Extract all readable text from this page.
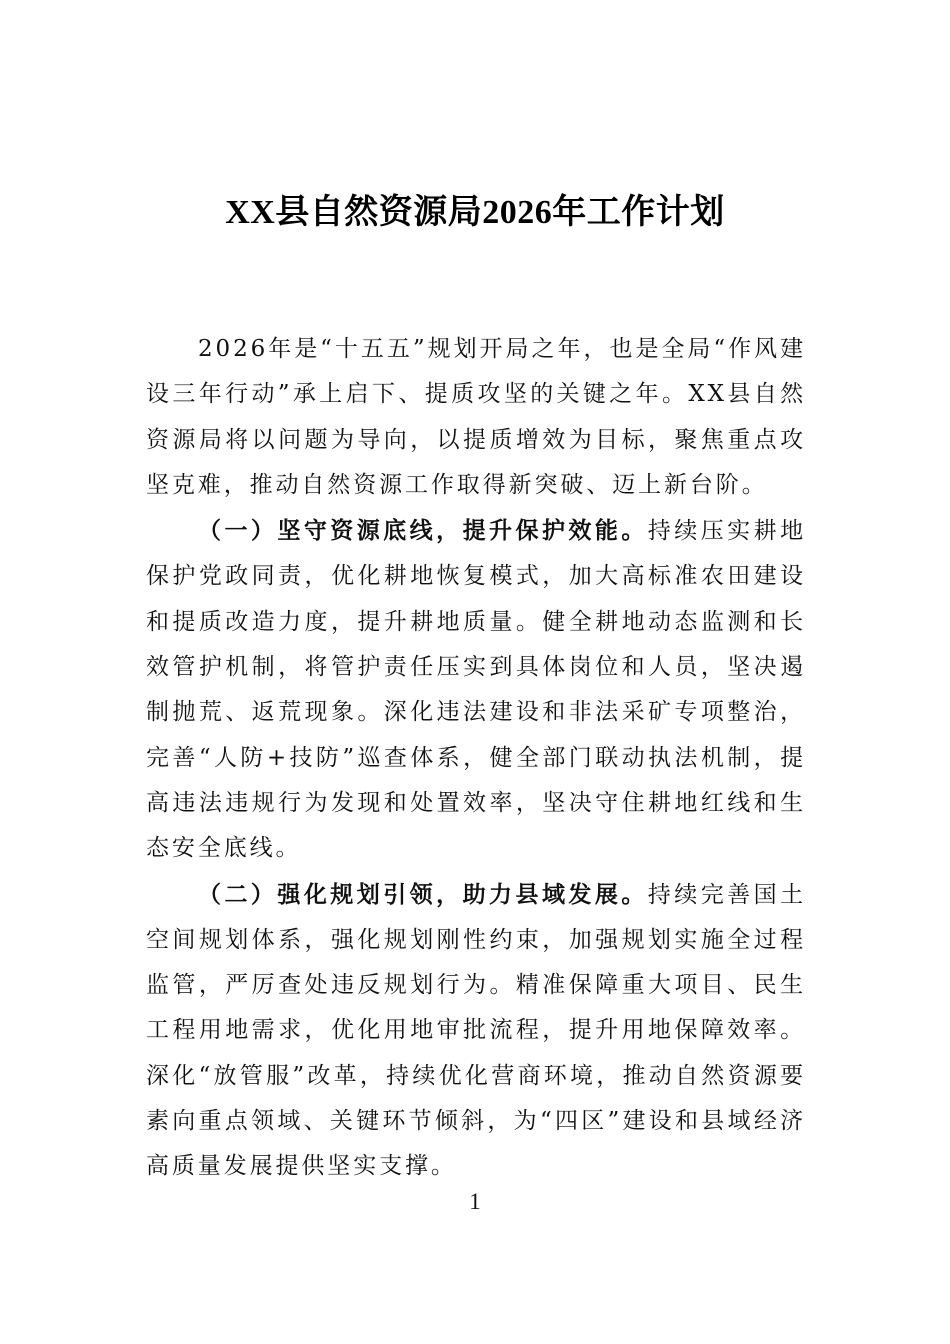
XX县自然资源局2026年工作计划

2026年是“十五五”规划开局之年，也是全局“作风建设三年行动”承上启下、提质攻坚的关键之年。XX县自然资源局将以问题为导向，以提质增效为目标，聚焦重点攻坚克难，推动自然资源工作取得新突破、迈上新台阶。

（一）坚守资源底线，提升保护效能。持续压实耕地保护党政同责，优化耕地恢复模式，加大高标准农田建设和提质改造力度，提升耕地质量。健全耕地动态监测和长效管护机制，将管护责任压实到具体岗位和人员，坚决遏制抛荒、返荒现象。深化违法建设和非法采矿专项整治，完善“人防+技防”巡查体系，健全部门联动执法机制，提高违法违规行为发现和处置效率，坚决守住耕地红线和生态安全底线。

（二）强化规划引领，助力县域发展。持续完善国土空间规划体系，强化规划刚性约束，加强规划实施全过程监管，严厉查处违反规划行为。精准保障重大项目、民生工程用地需求，优化用地审批流程，提升用地保障效率。深化“放管服”改革，持续优化营商环境，推动自然资源要素向重点领域、关键环节倾斜，为“四区”建设和县域经济高质量发展提供坚实支撑。

1
